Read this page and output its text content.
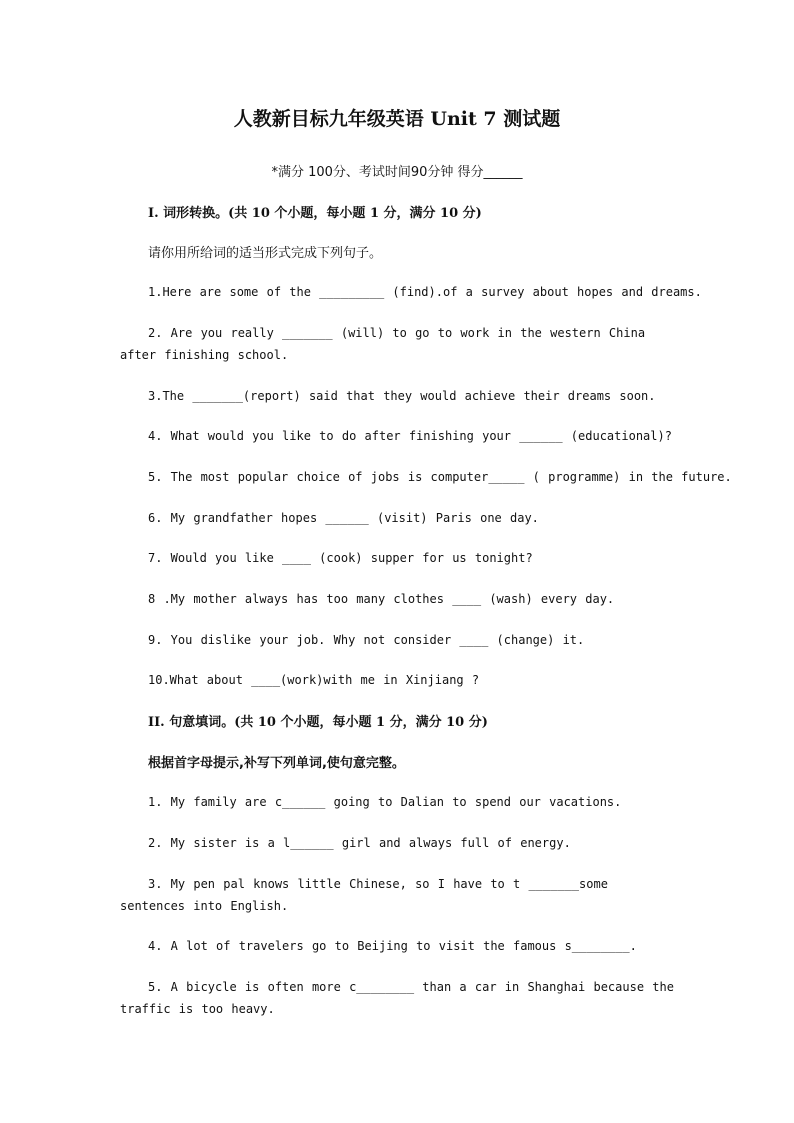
人教新目标九年级英语 Unit 7 测试题
*满分 100分、考试时间90分钟 得分______
I. 词形转换。(共 10 个小题，每小题 1 分，满分 10 分)
请你用所给词的适当形式完成下列句子。
1.Here are some of the _________ (find).of a survey about hopes and dreams.
2. Are you really _______ (will) to go to work in the western China after finishing school.
3.The _______(report) said that they would achieve their dreams soon.
4. What would you like to do after finishing your ______ (educational)?
5. The most popular choice of jobs is computer_____ ( programme) in the future.
6. My grandfather hopes ______ (visit) Paris one day.
7. Would you like ____ (cook) supper for us tonight?
8 .My mother always has too many clothes ____ (wash) every day.
9. You dislike your job. Why not consider ____ (change) it.
10.What about ____(work)with me in Xinjiang ?
II. 句意填词。(共 10 个小题，每小题 1 分，满分 10 分)
根据首字母提示,补写下列单词,使句意完整。
1. My family are c______ going to Dalian to spend our vacations.
2. My sister is a l______ girl and always full of energy.
3. My pen pal knows little Chinese, so I have to t _______some sentences into English.
4. A lot of travelers go to Beijing to visit the famous s________.
5. A bicycle is often more c________ than a car in Shanghai because the traffic is too heavy.
